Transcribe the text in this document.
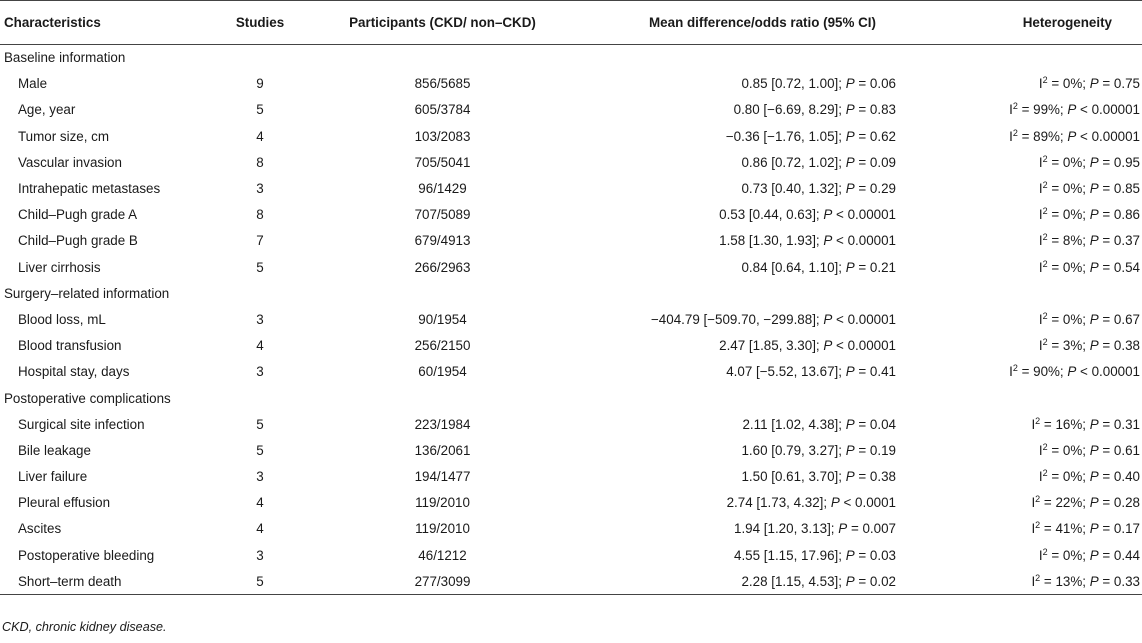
Characteristics	Studies	Participants (CKD/ non–CKD)	Mean difference/odds ratio (95% CI)	Heterogeneity
Baseline information				
Male	9	856/5685	0.85 [0.72, 1.00]; P = 0.06	$I^2 = 0\%$; P = 0.75
Age, year	5	605/3784	0.80 [−6.69, 8.29]; P = 0.83	$I^2 = 99\%$; P < 0.00001
Tumor size, cm	4	103/2083	−0.36 [−1.76, 1.05]; P = 0.62	$I^2 = 89\%$; P < 0.00001
Vascular invasion	8	705/5041	0.86 [0.72, 1.02]; P = 0.09	$I^2 = 0\%$; P = 0.95
Intrahepatic metastases	3	96/1429	0.73 [0.40, 1.32]; P = 0.29	$I^2 = 0\%$; P = 0.85
Child–Pugh grade A	8	707/5089	0.53 [0.44, 0.63]; P < 0.00001	$I^2 = 0\%$; P = 0.86
Child–Pugh grade B	7	679/4913	1.58 [1.30, 1.93]; P < 0.00001	$I^2 = 8\%$; P = 0.37
Liver cirrhosis	5	266/2963	0.84 [0.64, 1.10]; P = 0.21	$I^2 = 0\%$; P = 0.54
Surgery–related information				
Blood loss, mL	3	90/1954	−404.79 [−509.70, −299.88]; P < 0.00001	$I^2 = 0\%$; P = 0.67
Blood transfusion	4	256/2150	2.47 [1.85, 3.30]; P < 0.00001	$I^2 = 3\%$; P = 0.38
Hospital stay, days	3	60/1954	4.07 [−5.52, 13.67]; P = 0.41	$I^2 = 90\%$; P < 0.00001
Postoperative complications				
Surgical site infection	5	223/1984	2.11 [1.02, 4.38]; P = 0.04	$I^2 = 16\%$; P = 0.31
Bile leakage	5	136/2061	1.60 [0.79, 3.27]; P = 0.19	$I^2 = 0\%$; P = 0.61
Liver failure	3	194/1477	1.50 [0.61, 3.70]; P = 0.38	$I^2 = 0\%$; P = 0.40
Pleural effusion	4	119/2010	2.74 [1.73, 4.32]; P < 0.0001	$I^2 = 22\%$; P = 0.28
Ascites	4	119/2010	1.94 [1.20, 3.13]; P = 0.007	$I^2 = 41\%$; P = 0.17
Postoperative bleeding	3	46/1212	4.55 [1.15, 17.96]; P = 0.03	$I^2 = 0\%$; P = 0.44
Short–term death	5	277/3099	2.28 [1.15, 4.53]; P = 0.02	$I^2 = 13\%$; P = 0.33
CKD, chronic kidney disease.
